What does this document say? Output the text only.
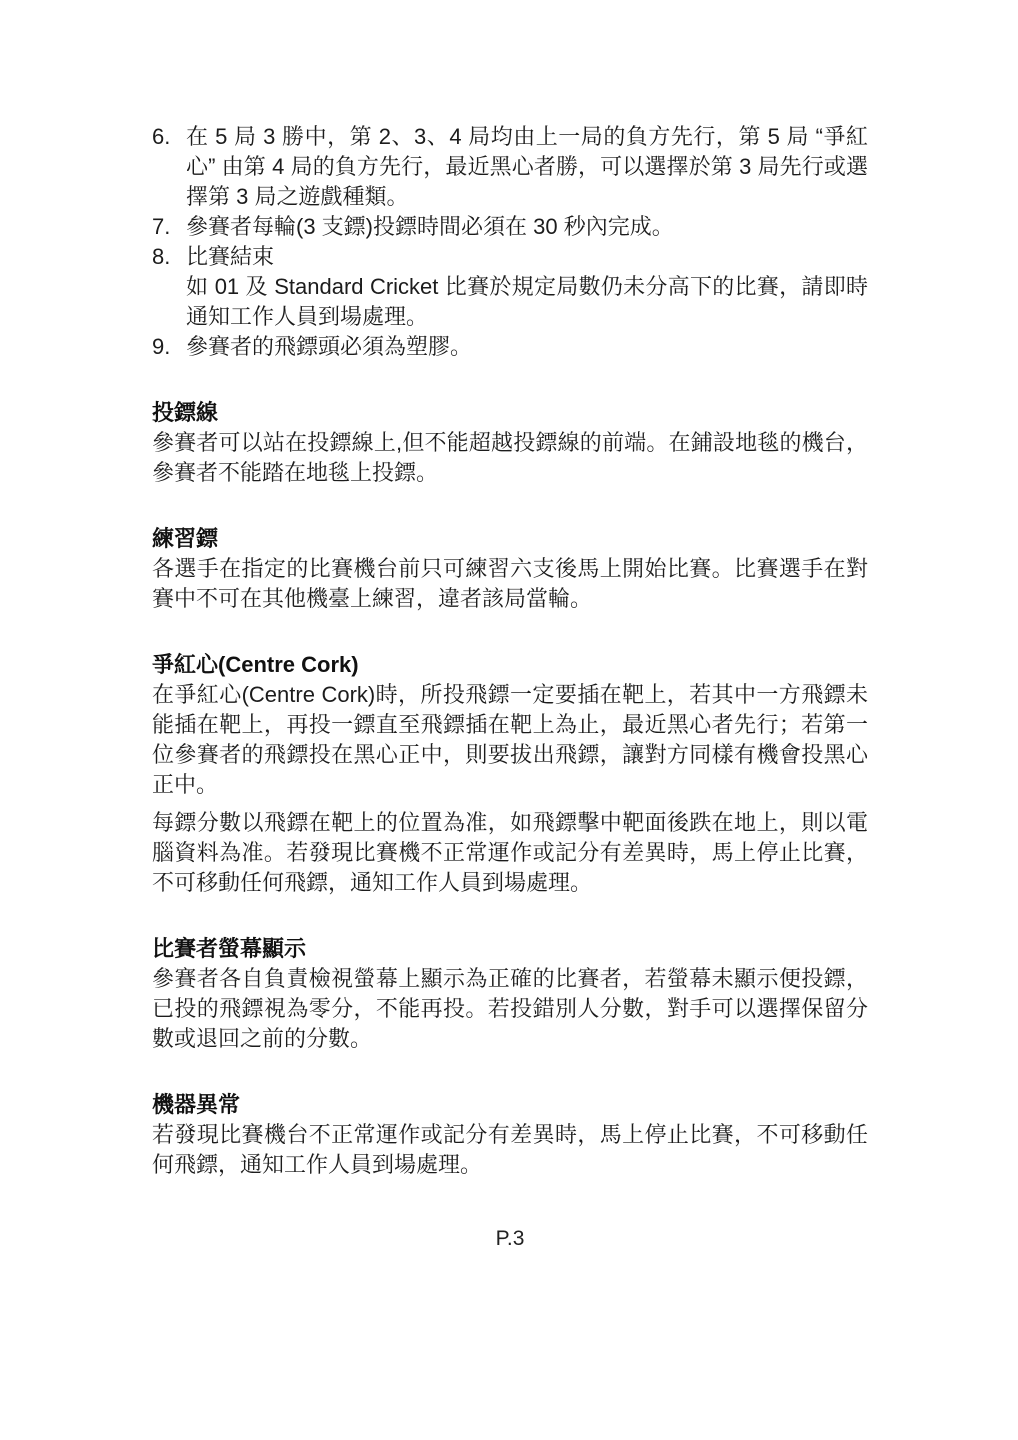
6. 在 5 局 3 勝中，第 2、3、4 局均由上一局的負方先行，第 5 局 “爭紅心” 由第 4 局的負方先行，最近黑心者勝，可以選擇於第 3 局先行或選擇第 3 局之遊戲種類。

7. 參賽者每輪(3 支鏢)投鏢時間必須在 30 秒內完成。

8. 比賽結束

如 01 及 Standard Cricket 比賽於規定局數仍未分高下的比賽，請即時通知工作人員到場處理。

9. 參賽者的飛鏢頭必須為塑膠。

投鏢線

參賽者可以站在投鏢線上,但不能超越投鏢線的前端。在鋪設地毯的機台，參賽者不能踏在地毯上投鏢。

練習鏢

各選手在指定的比賽機台前只可練習六支後馬上開始比賽。比賽選手在對賽中不可在其他機臺上練習，違者該局當輪。

爭紅心(Centre Cork)

在爭紅心(Centre Cork)時，所投飛鏢一定要插在靶上，若其中一方飛鏢未能插在靶上，再投一鏢直至飛鏢插在靶上為止，最近黑心者先行；若第一位參賽者的飛鏢投在黑心正中，則要拔出飛鏢，讓對方同樣有機會投黑心正中。

每鏢分數以飛鏢在靶上的位置為准，如飛鏢擊中靶面後跌在地上，則以電腦資料為准。若發現比賽機不正常運作或記分有差異時，馬上停止比賽，不可移動任何飛鏢，通知工作人員到場處理。

比賽者螢幕顯示

參賽者各自負責檢視螢幕上顯示為正確的比賽者，若螢幕未顯示便投鏢，已投的飛鏢視為零分，不能再投。若投錯別人分數，對手可以選擇保留分數或退回之前的分數。

機器異常

若發現比賽機台不正常運作或記分有差異時，馬上停止比賽，不可移動任何飛鏢，通知工作人員到場處理。

P.3
